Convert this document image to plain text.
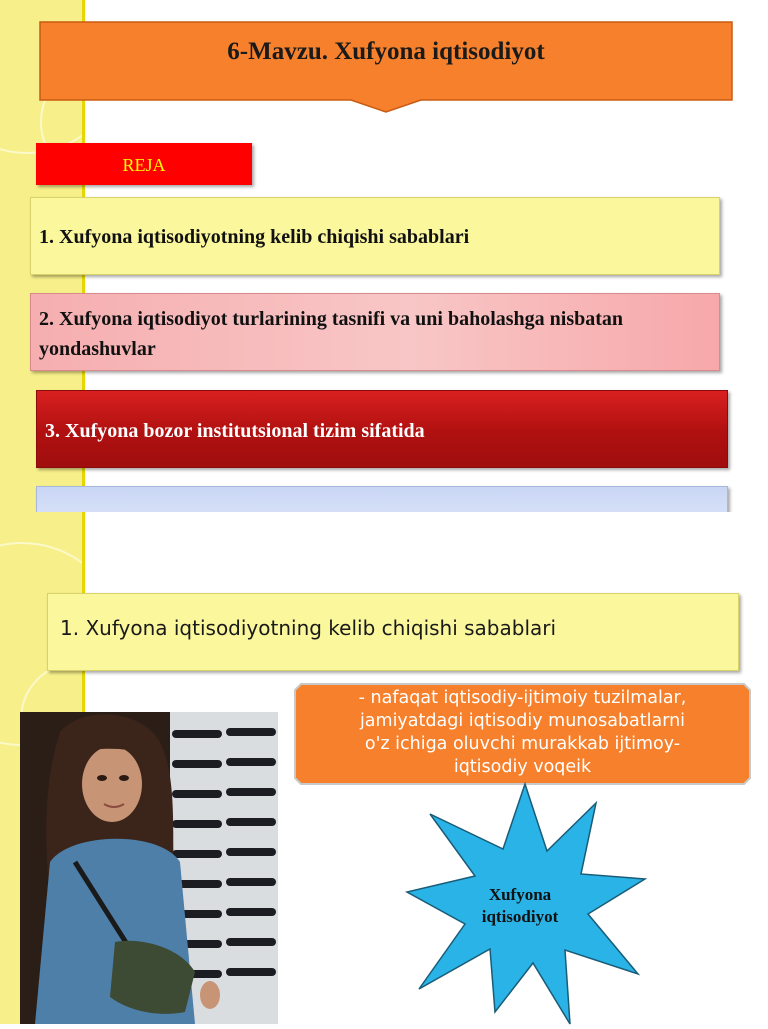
6-Mavzu. Xufyona iqtisodiyot
REJA
1. Xufyona iqtisodiyotning kelib chiqishi sabablari
2. Xufyona iqtisodiyot turlarining tasnifi va uni baholashga nisbatan yondashuvlar
3. Xufyona bozor institutsional tizim sifatida
1. Xufyona iqtisodiyotning kelib chiqishi sabablari
- nafaqat iqtisodiy-ijtimoiy tuzilmalar,
jamiyatdagi iqtisodiy munosabatlarni
o'z ichiga oluvchi murakkab ijtimoy-
iqtisodiy voqeik
Xufyona
iqtisodiyot
